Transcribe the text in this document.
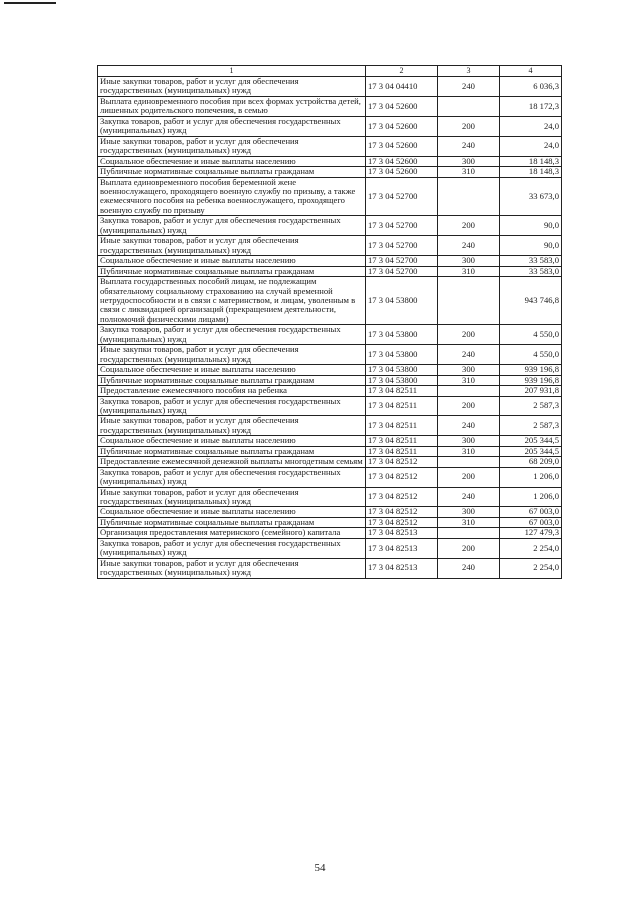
1	2	3	4
Иные закупки товаров, работ и услуг для обеспечения государственных (муниципальных) нужд	17 3 04 04410	240	6 036,3
Выплата единовременного пособия при всех формах устройства детей, лишенных родительского попечения, в семью	17 3 04 52600		18 172,3
Закупка товаров, работ и услуг для обеспечения государственных (муниципальных) нужд	17 3 04 52600	200	24,0
Иные закупки товаров, работ и услуг для обеспечения государственных (муниципальных) нужд	17 3 04 52600	240	24,0
Социальное обеспечение и иные выплаты населению	17 3 04 52600	300	18 148,3
Публичные нормативные социальные выплаты гражданам	17 3 04 52600	310	18 148,3
Выплата единовременного пособия беременной жене военнослужащего, проходящего военную службу по призыву, а также ежемесячного пособия на ребенка военнослужащего, проходящего военную службу по призыву	17 3 04 52700		33 673,0
Закупка товаров, работ и услуг для обеспечения государственных (муниципальных) нужд	17 3 04 52700	200	90,0
Иные закупки товаров, работ и услуг для обеспечения государственных (муниципальных) нужд	17 3 04 52700	240	90,0
Социальное обеспечение и иные выплаты населению	17 3 04 52700	300	33 583,0
Публичные нормативные социальные выплаты гражданам	17 3 04 52700	310	33 583,0
Выплата государственных пособий лицам, не подлежащим обязательному социальному страхованию на случай временной нетрудоспособности и в связи с материнством, и лицам, уволенным в связи с ликвидацией организаций (прекращением деятельности, полномочий физическими лицами)	17 3 04 53800		943 746,8
Закупка товаров, работ и услуг для обеспечения государственных (муниципальных) нужд	17 3 04 53800	200	4 550,0
Иные закупки товаров, работ и услуг для обеспечения государственных (муниципальных) нужд	17 3 04 53800	240	4 550,0
Социальное обеспечение и иные выплаты населению	17 3 04 53800	300	939 196,8
Публичные нормативные социальные выплаты гражданам	17 3 04 53800	310	939 196,8
Предоставление ежемесячного пособия на ребенка	17 3 04 82511		207 931,8
Закупка товаров, работ и услуг для обеспечения государственных (муниципальных) нужд	17 3 04 82511	200	2 587,3
Иные закупки товаров, работ и услуг для обеспечения государственных (муниципальных) нужд	17 3 04 82511	240	2 587,3
Социальное обеспечение и иные выплаты населению	17 3 04 82511	300	205 344,5
Публичные нормативные социальные выплаты гражданам	17 3 04 82511	310	205 344,5
Предоставление ежемесячной денежной выплаты многодетным семьям	17 3 04 82512		68 209,0
Закупка товаров, работ и услуг для обеспечения государственных (муниципальных) нужд	17 3 04 82512	200	1 206,0
Иные закупки товаров, работ и услуг для обеспечения государственных (муниципальных) нужд	17 3 04 82512	240	1 206,0
Социальное обеспечение и иные выплаты населению	17 3 04 82512	300	67 003,0
Публичные нормативные социальные выплаты гражданам	17 3 04 82512	310	67 003,0
Организация предоставления материнского (семейного) капитала	17 3 04 82513		127 479,3
Закупка товаров, работ и услуг для обеспечения государственных (муниципальных) нужд	17 3 04 82513	200	2 254,0
Иные закупки товаров, работ и услуг для обеспечения государственных (муниципальных) нужд	17 3 04 82513	240	2 254,0
54
